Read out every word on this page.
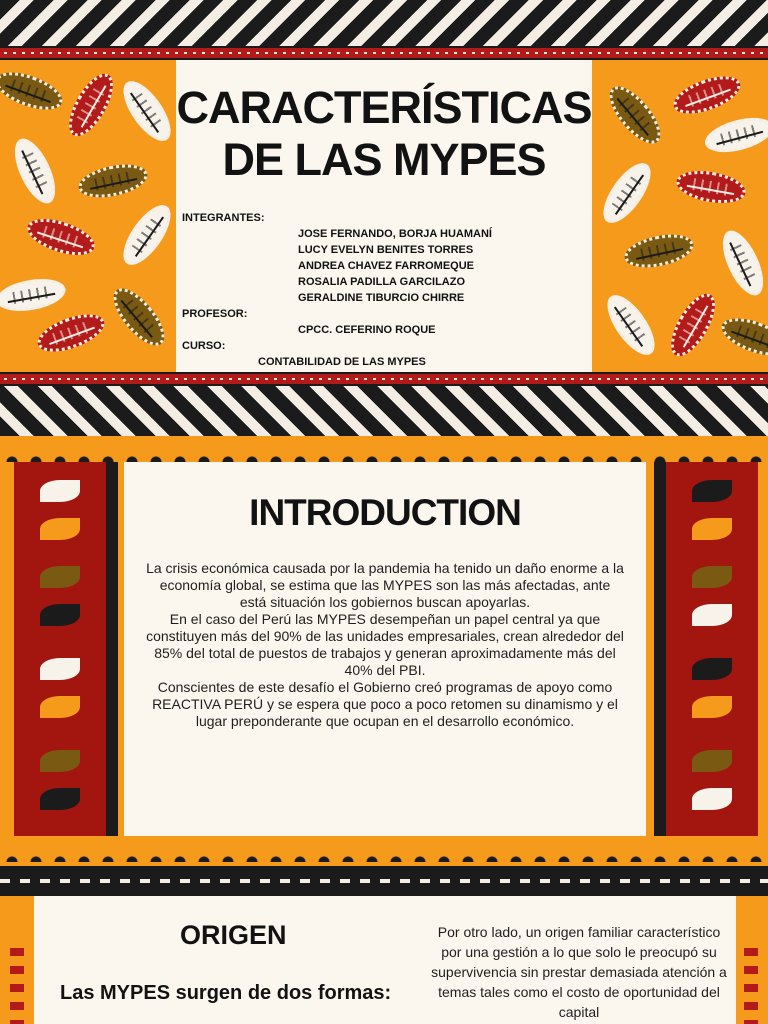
CARACTERÍSTICAS
DE LAS MYPES
INTEGRANTES:
JOSE FERNANDO, BORJA HUAMANÍ
LUCY EVELYN BENITES TORRES
ANDREA CHAVEZ FARROMEQUE
ROSALIA PADILLA GARCILAZO
GERALDINE TIBURCIO CHIRRE
PROFESOR:
CPCC. CEFERINO ROQUE
CURSO:
CONTABILIDAD DE LAS MYPES
INTRODUCTION

La crisis económica causada por la pandemia ha tenido un daño enorme a la economía global, se estima que las MYPES son las más afectadas, ante está situación los gobiernos buscan apoyarlas.

En el caso del Perú las MYPES desempeñan un papel central ya que constituyen más del 90% de las unidades empresariales, crean alrededor del 85% del total de puestos de trabajos y generan aproximadamente más del 40% del PBI.

Conscientes de este desafío el Gobierno creó programas de apoyo como REACTIVA PERÚ y se espera que poco a poco retomen su dinamismo y el lugar preponderante que ocupan en el desarrollo económico.

ORIGEN
Las MYPES surgen de dos formas:
Por otro lado, un origen familiar característico por una gestión a lo que solo le preocupó su supervivencia sin prestar demasiada atención a temas tales como el costo de oportunidad del capital
